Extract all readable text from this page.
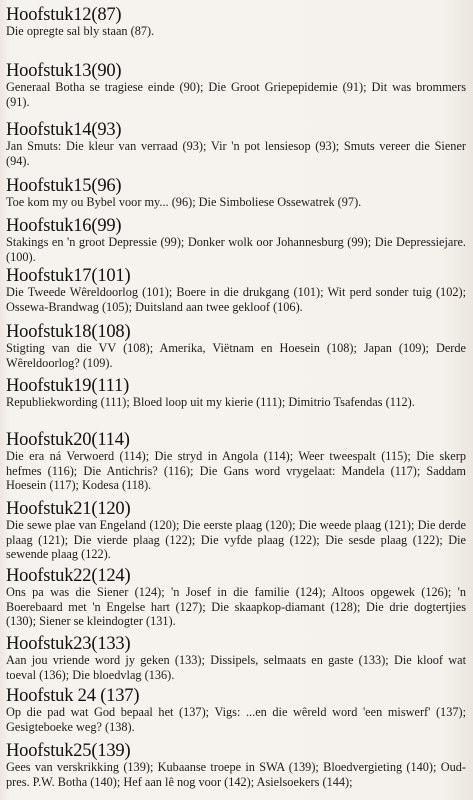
Hoofstuk12(87)
Die opregte sal bly staan (87).
Hoofstuk13(90)
Generaal Botha se tragiese einde (90); Die Groot Griepepidemie (91); Dit was brommers (91).
Hoofstuk14(93)
Jan Smuts: Die kleur van verraad (93); Vir 'n pot lensiesop (93); Smuts vereer die Siener (94).
Hoofstuk15(96)
Toe kom my ou Bybel voor my... (96); Die Simboliese Ossewatrek (97).
Hoofstuk16(99)
Stakings en 'n groot Depressie (99); Donker wolk oor Johannesburg (99); Die Depressiejare. (100).
Hoofstuk17(101)
Die Tweede Wêreldoorlog (101); Boere in die drukgang (101); Wit perd sonder tuig (102); Ossewa-Brandwag (105); Duitsland aan twee gekloof (106).
Hoofstuk18(108)
Stigting van die VV (108); Amerika, Viëtnam en Hoesein (108); Japan (109); Derde Wêreldoorlog? (109).
Hoofstuk19(111)
Republiekwording (111); Bloed loop uit my kierie (111); Dimitrio Tsafendas (112).
Hoofstuk20(114)
Die era ná Verwoerd (114); Die stryd in Angola (114); Weer tweespalt (115); Die skerp hefmes (116); Die Antichris? (116); Die Gans word vrygelaat: Mandela (117); Saddam Hoesein (117); Kodesa (118).
Hoofstuk21(120)
Die sewe plae van Engeland (120); Die eerste plaag (120); Die weede plaag (121); Die derde plaag (121); Die vierde plaag (122); Die vyfde plaag (122); Die sesde plaag (122); Die sewende plaag (122).
Hoofstuk22(124)
Ons pa was die Siener (124); 'n Josef in die familie (124); Altoos opgewek (126); 'n Boerebaard met 'n Engelse hart (127); Die skaapkop-diamant (128); Die drie dogtertjies (130); Siener se kleindogter (131).
Hoofstuk23(133)
Aan jou vriende word jy geken (133); Dissipels, selmaats en gaste (133); Die kloof wat toeval (136); Die bloedvlag (136).
Hoofstuk 24 (137)
Op die pad wat God bepaal het (137); Vigs: ...en die wêreld word 'een miswerf' (137); Gesigteboeke weg? (138).
Hoofstuk25(139)
Gees van verskrikking (139); Kubaanse troepe in SWA (139); Bloedvergieting (140); Oud-pres. P.W. Botha (140); Hef aan lê nog voor (142); Asielsoekers (144);
